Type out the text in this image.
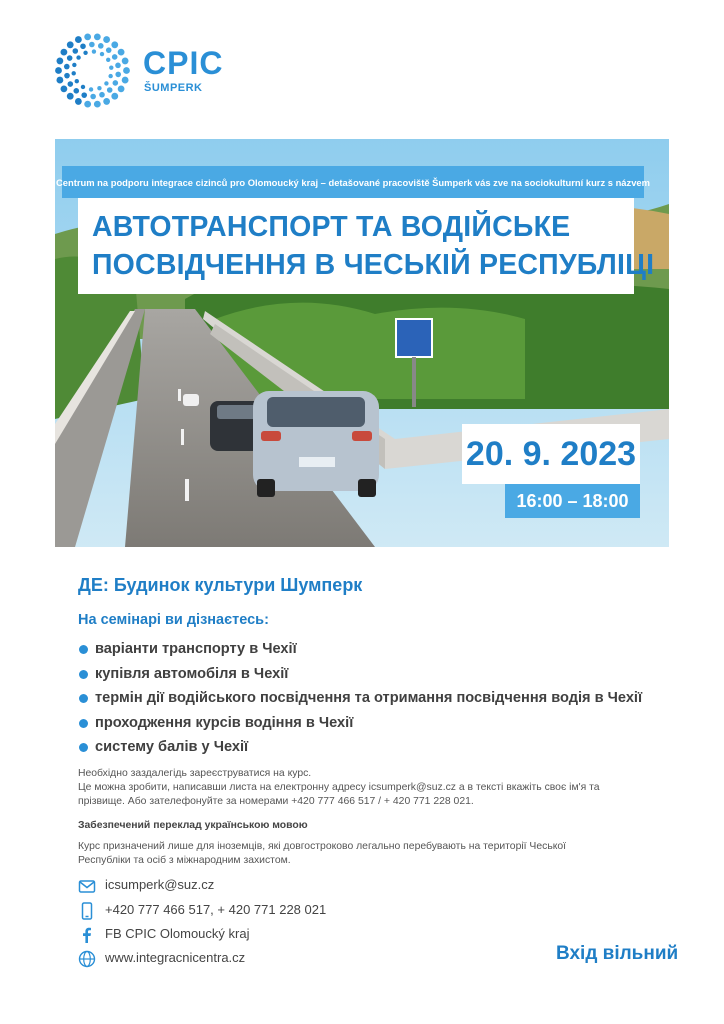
CPIC
ŠUMPERK
Centrum na podporu integrace cizinců pro Olomoucký kraj – detašované pracoviště Šumperk vás zve na sociokulturní kurz s názvem
АВТОТРАНСПОРТ ТА ВОДІЙСЬКЕ
ПОСВІДЧЕННЯ В ЧЕСЬКІЙ РЕСПУБЛІЦІ
20. 9. 2023
16:00 – 18:00
ДЕ: Будинок культури Шумперк
На семінарі ви дізнаєтесь:
варіанти транспорту в Чехії
купівля автомобіля в Чехії
термін дії водійського посвідчення та отримання посвідчення водія в Чехії
проходження курсів водіння в Чехії
систему балів у Чехії
Необхідно заздалегідь зареєструватися на курс.
Це можна зробити, написавши листа на електронну адресу icsumperk@suz.cz а в тексті вкажіть своє ім'я та
прізвище. Або зателефонуйте за номерами +420 777 466 517 / + 420 771 228 021.
Забезпечений переклад українською мовою
Курс призначений лише для іноземців, які довгостроково легально перебувають на території Чеської
Республіки та осіб з міжнародним захистом.
icsumperk@suz.cz
+420 777 466 517, + 420 771 228 021
FB CPIC Olomoucký kraj
www.integracnicentra.cz	Вхід вільний
